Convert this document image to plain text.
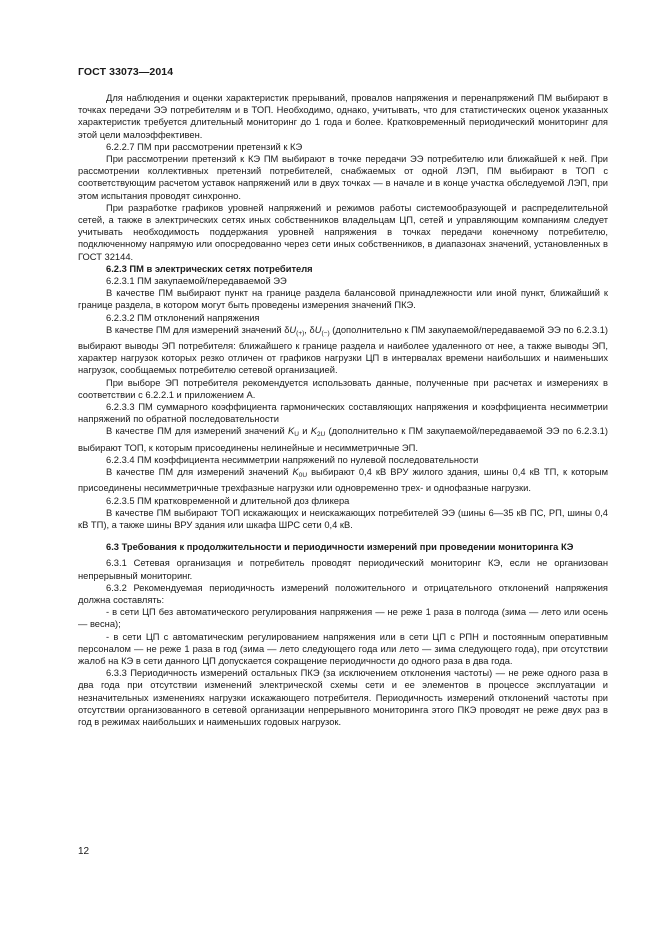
ГОСТ 33073—2014

Для наблюдения и оценки характеристик прерываний, провалов напряжения и перенапряжений ПМ выбирают в точках передачи ЭЭ потребителям и в ТОП. Необходимо, однако, учитывать, что для статистических оценок указанных характеристик требуется длительный мониторинг до 1 года и более. Кратковременный периодический мониторинг для этой цели малоэффективен.

6.2.2.7 ПМ при рассмотрении претензий к КЭ

При рассмотрении претензий к КЭ ПМ выбирают в точке передачи ЭЭ потребителю или ближайшей к ней. При рассмотрении коллективных претензий потребителей, снабжаемых от одной ЛЭП, ПМ выбирают в ТОП с соответствующим расчетом уставок напряжений или в двух точках — в начале и в конце участка обследуемой ЛЭП, при этом испытания проводят синхронно.

При разработке графиков уровней напряжений и режимов работы системообразующей и распределительной сетей, а также в электрических сетях иных собственников владельцам ЦП, сетей и управляющим компаниям следует учитывать необходимость поддержания уровней напряжения в точках передачи конечному потребителю, подключенному напрямую или опосредованно через сети иных собственников, в диапазонах значений, установленных в ГОСТ 32144.

6.2.3 ПМ в электрических сетях потребителя

6.2.3.1 ПМ закупаемой/передаваемой ЭЭ

В качестве ПМ выбирают пункт на границе раздела балансовой принадлежности или иной пункт, ближайший к границе раздела, в котором могут быть проведены измерения значений ПКЭ.

6.2.3.2 ПМ отклонений напряжения

В качестве ПМ для измерений значений $\delta U_{(+)}$, $\delta U_{(-)}$ (дополнительно к ПМ закупаемой/передаваемой ЭЭ по 6.2.3.1) выбирают выводы ЭП потребителя: ближайшего к границе раздела и наиболее удаленного от нее, а также выводы ЭП, характер нагрузок которых резко отличен от графиков нагрузки ЦП в интервалах времени наибольших и наименьших нагрузок, сообщаемых потребителю сетевой организацией.

При выборе ЭП потребителя рекомендуется использовать данные, полученные при расчетах и измерениях в соответствии с 6.2.2.1 и приложением А.

6.2.3.3 ПМ суммарного коэффициента гармонических составляющих напряжения и коэффициента несимметрии напряжений по обратной последовательности

В качестве ПМ для измерений значений $K_U$ и $K_{2U}$ (дополнительно к ПМ закупаемой/передаваемой ЭЭ по 6.2.3.1) выбирают ТОП, к которым присоединены нелинейные и несимметричные ЭП.

6.2.3.4 ПМ коэффициента несимметрии напряжений по нулевой последовательности

В качестве ПМ для измерений значений $K_{0U}$ выбирают 0,4 кВ ВРУ жилого здания, шины 0,4 кВ ТП, к которым присоединены несимметричные трехфазные нагрузки или одновременно трех- и однофазные нагрузки.

6.2.3.5 ПМ кратковременной и длительной доз фликера

В качестве ПМ выбирают ТОП искажающих и неискажающих потребителей ЭЭ (шины 6—35 кВ ПС, РП, шины 0,4 кВ ТП), а также шины ВРУ здания или шкафа ШРС сети 0,4 кВ.

6.3 Требования к продолжительности и периодичности измерений при проведении мониторинга КЭ

6.3.1 Сетевая организация и потребитель проводят периодический мониторинг КЭ, если не организован непрерывный мониторинг.

6.3.2 Рекомендуемая периодичность измерений положительного и отрицательного отклонений напряжения должна составлять:

- в сети ЦП без автоматического регулирования напряжения — не реже 1 раза в полгода (зима — лето или осень — весна);

- в сети ЦП с автоматическим регулированием напряжения или в сети ЦП с РПН и постоянным оперативным персоналом — не реже 1 раза в год (зима — лето следующего года или лето — зима следующего года), при отсутствии жалоб на КЭ в сети данного ЦП допускается сокращение периодичности до одного раза в два года.

6.3.3 Периодичность измерений остальных ПКЭ (за исключением отклонения частоты) — не реже одного раза в два года при отсутствии изменений электрической схемы сети и ее элементов в процессе эксплуатации и незначительных изменениях нагрузки искажающего потребителя. Периодичность измерений отклонений частоты при отсутствии организованного в сетевой организации непрерывного мониторинга этого ПКЭ проводят не реже двух раз в год в режимах наибольших и наименьших годовых нагрузок.

12
